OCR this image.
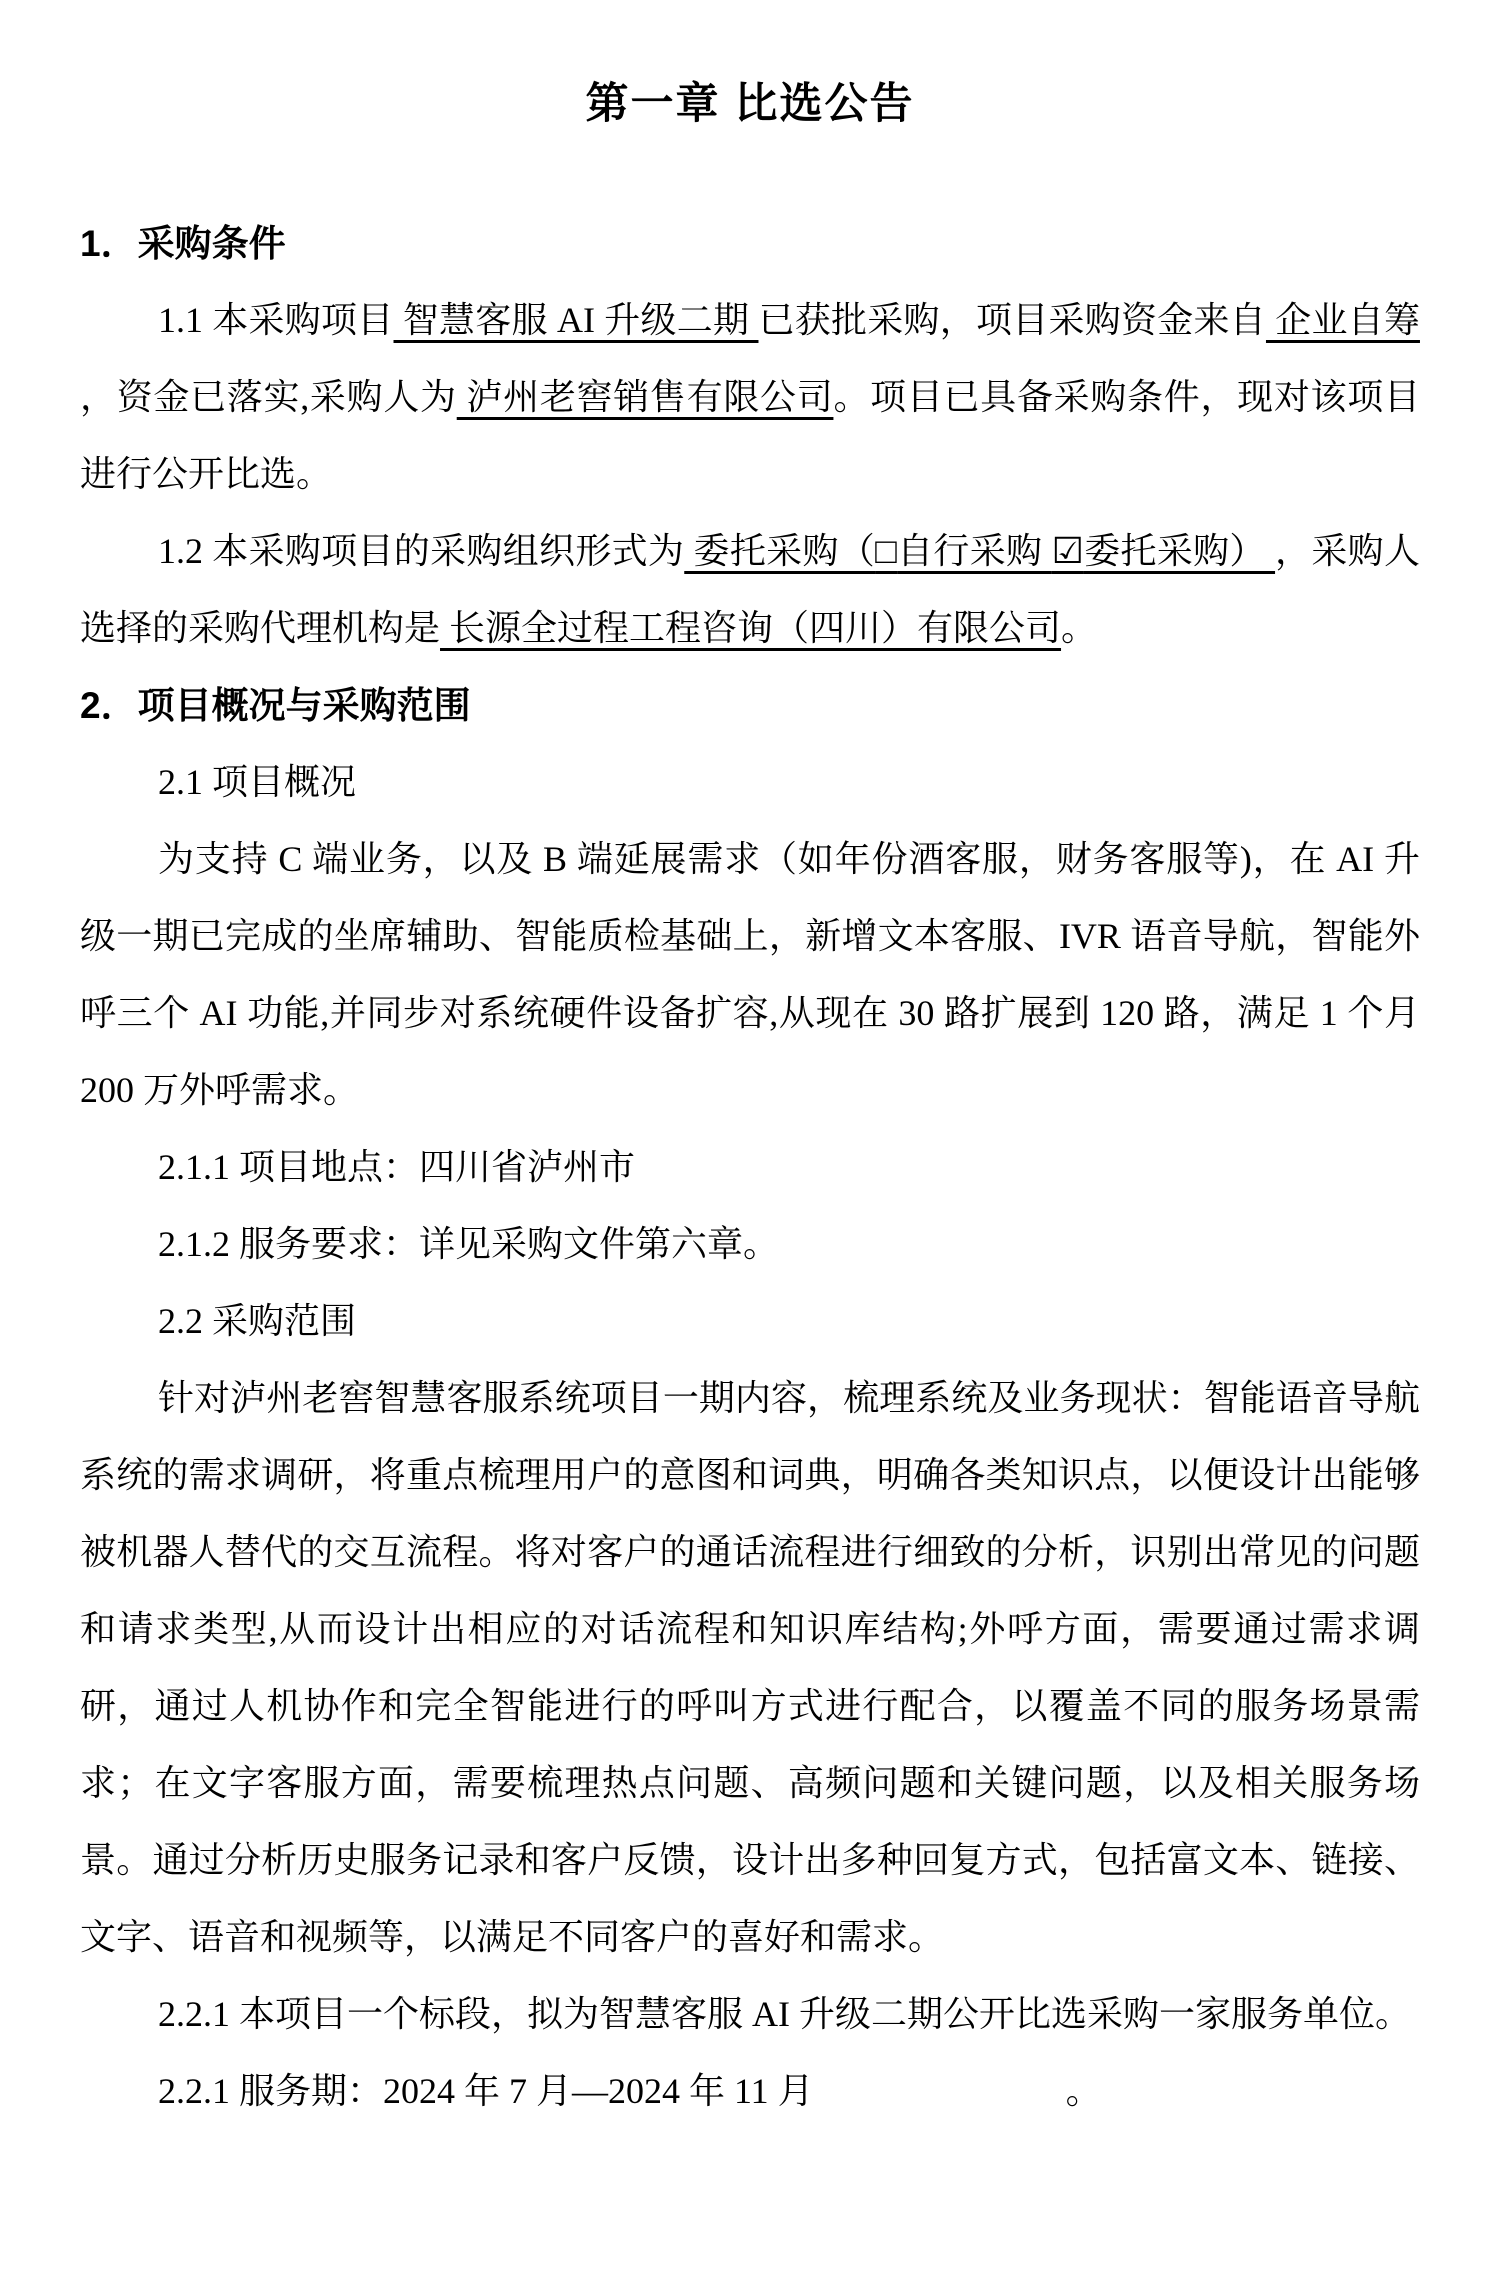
第一章 比选公告
1．采购条件

1.1 本采购项目 智慧客服 AI 升级二期 已获批采购，项目采购资金来自 企业自筹 ，资金已落实,采购人为 泸州老窖销售有限公司。项目已具备采购条件，现对该项目进行公开比选。

1.2 本采购项目的采购组织形式为 委托采购（□自行采购 ☑委托采购） ，采购人选择的采购代理机构是 长源全过程工程咨询（四川）有限公司。

2．项目概况与采购范围

2.1 项目概况

为支持 C 端业务，以及 B 端延展需求（如年份酒客服，财务客服等)，在 AI 升级一期已完成的坐席辅助、智能质检基础上，新增文本客服、IVR 语音导航，智能外呼三个 AI 功能,并同步对系统硬件设备扩容,从现在 30 路扩展到 120 路，满足 1 个月 200 万外呼需求。

2.1.1 项目地点：四川省泸州市

2.1.2 服务要求：详见采购文件第六章。

2.2 采购范围

针对泸州老窖智慧客服系统项目一期内容，梳理系统及业务现状：智能语音导航系统的需求调研，将重点梳理用户的意图和词典，明确各类知识点，以便设计出能够被机器人替代的交互流程。将对客户的通话流程进行细致的分析，识别出常见的问题和请求类型,从而设计出相应的对话流程和知识库结构;外呼方面，需要通过需求调研，通过人机协作和完全智能进行的呼叫方式进行配合，以覆盖不同的服务场景需求；在文字客服方面，需要梳理热点问题、高频问题和关键问题，以及相关服务场景。通过分析历史服务记录和客户反馈，设计出多种回复方式，包括富文本、链接、文字、语音和视频等，以满足不同客户的喜好和需求。

2.2.1 本项目一个标段，拟为智慧客服 AI 升级二期公开比选采购一家服务单位。

2.2.1 服务期：2024 年 7 月—2024 年 11 月　　　　　　　。
